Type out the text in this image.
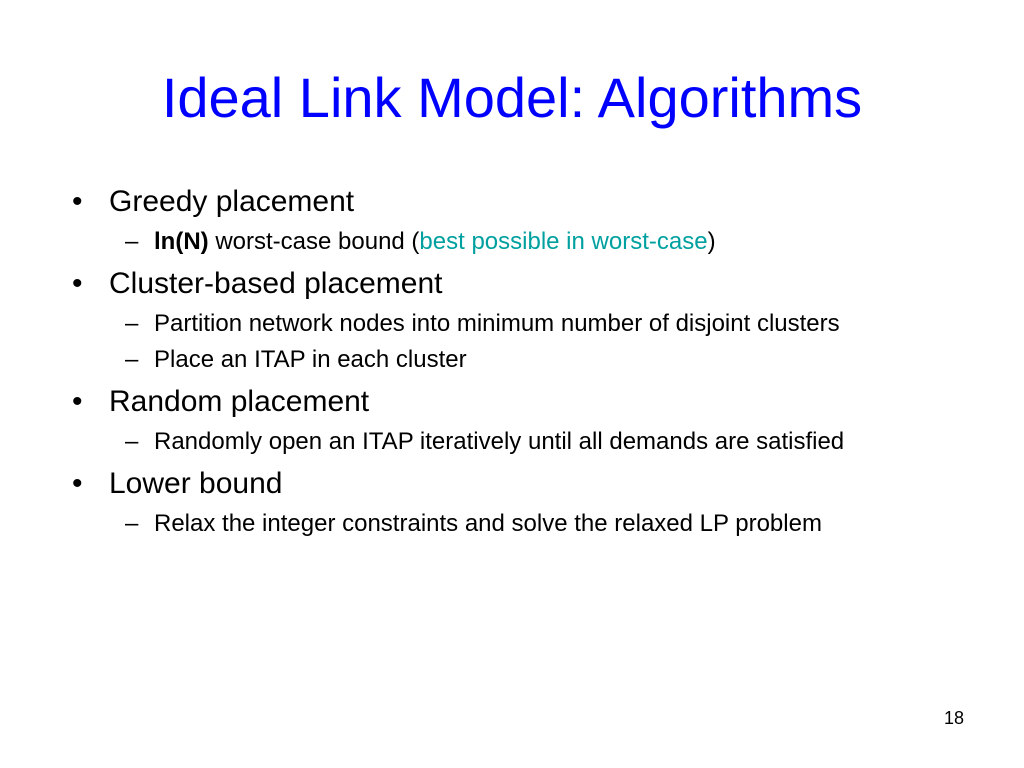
Ideal Link Model: Algorithms
• Greedy placement
– ln(N) worst-case bound (best possible in worst-case)
• Cluster-based placement
– Partition network nodes into minimum number of disjoint clusters
– Place an ITAP in each cluster
• Random placement
– Randomly open an ITAP iteratively until all demands are satisfied
• Lower bound
– Relax the integer constraints and solve the relaxed LP problem
18
